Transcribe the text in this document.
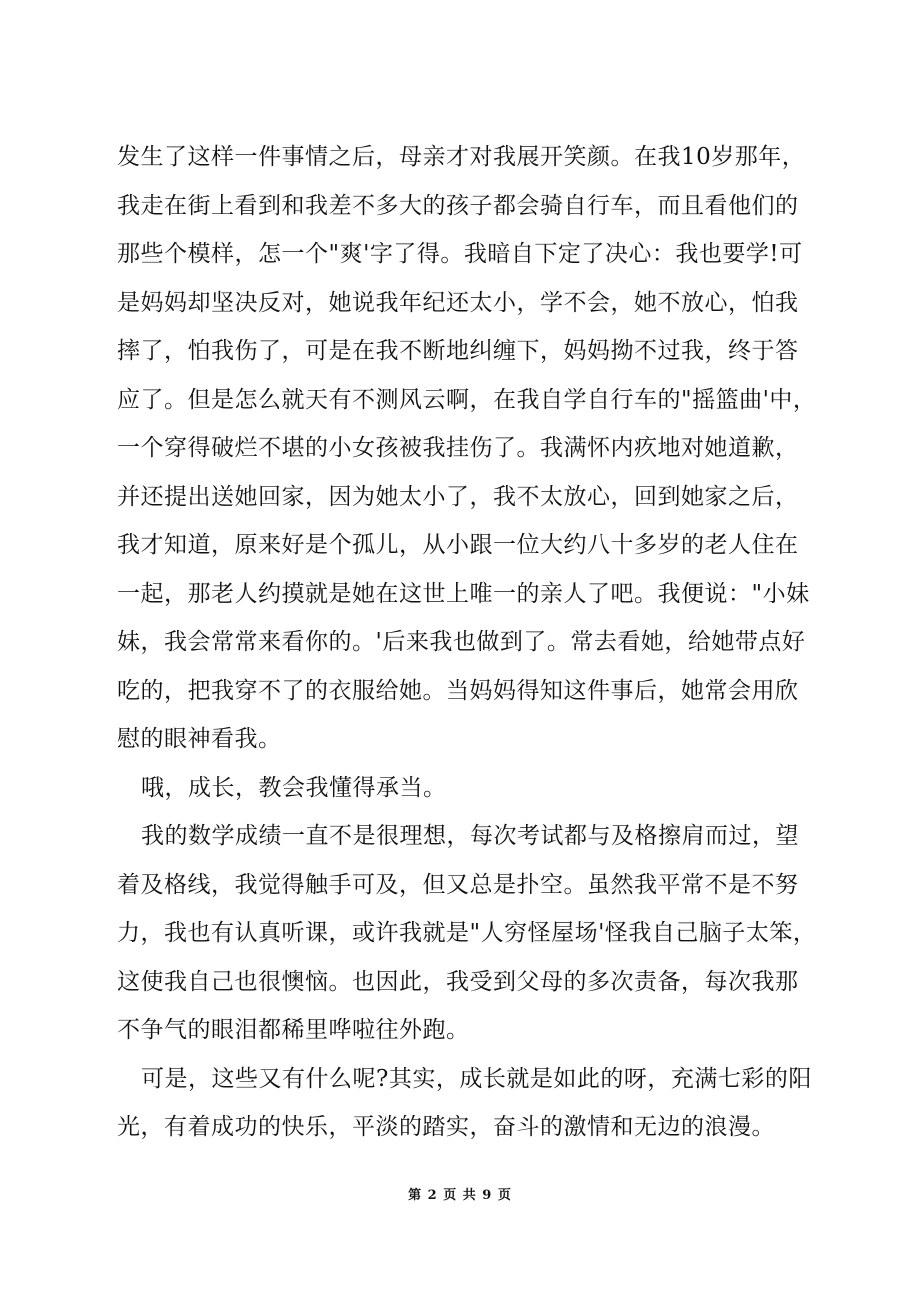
发生了这样一件事情之后，母亲才对我展开笑颜。在我10岁那年，我走在街上看到和我差不多大的孩子都会骑自行车，而且看他们的那些个模样，怎一个"爽'字了得。我暗自下定了决心：我也要学!可是妈妈却坚决反对，她说我年纪还太小，学不会，她不放心，怕我摔了，怕我伤了，可是在我不断地纠缠下，妈妈拗不过我，终于答应了。但是怎么就天有不测风云啊，在我自学自行车的"摇篮曲'中，一个穿得破烂不堪的小女孩被我挂伤了。我满怀内疚地对她道歉，并还提出送她回家，因为她太小了，我不太放心，回到她家之后，我才知道，原来好是个孤儿，从小跟一位大约八十多岁的老人住在一起，那老人约摸就是她在这世上唯一的亲人了吧。我便说："小妹妹，我会常常来看你的。'后来我也做到了。常去看她，给她带点好吃的，把我穿不了的衣服给她。当妈妈得知这件事后，她常会用欣慰的眼神看我。

哦，成长，教会我懂得承当。

我的数学成绩一直不是很理想，每次考试都与及格擦肩而过，望着及格线，我觉得触手可及，但又总是扑空。虽然我平常不是不努力，我也有认真听课，或许我就是"人穷怪屋场'怪我自己脑子太笨，这使我自己也很懊恼。也因此，我受到父母的多次责备，每次我那不争气的眼泪都稀里哗啦往外跑。

可是，这些又有什么呢?其实，成长就是如此的呀，充满七彩的阳光，有着成功的快乐，平淡的踏实，奋斗的激情和无边的浪漫。

第 2 页 共 9 页
